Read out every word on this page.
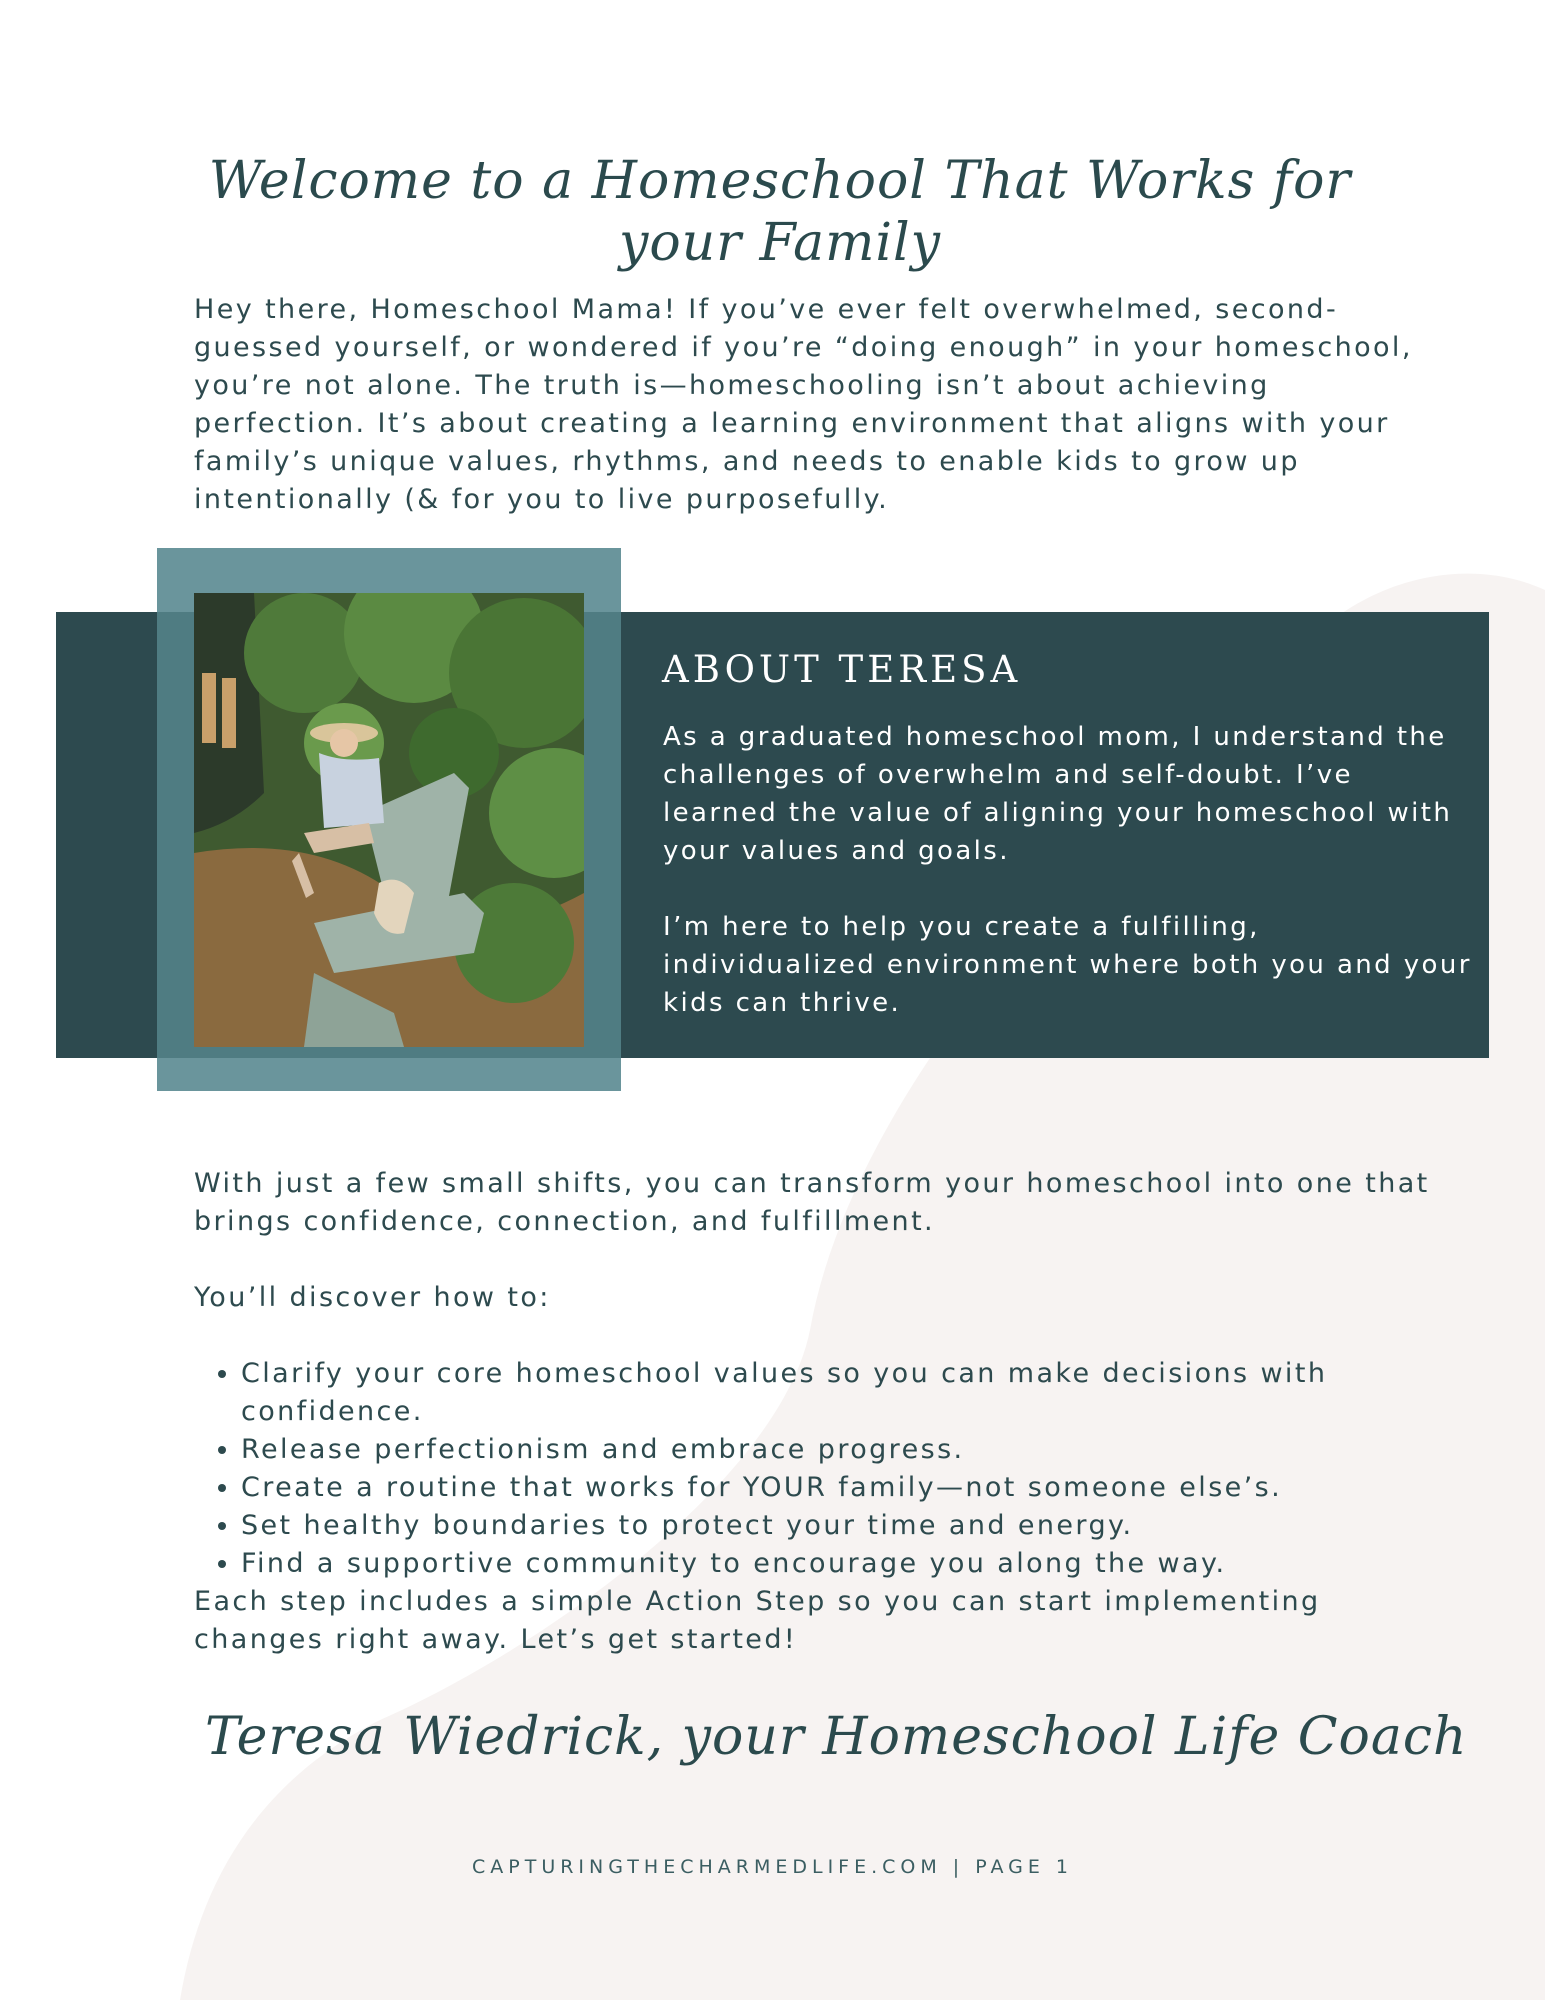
Welcome to a Homeschool That Works for your Family

Hey there, Homeschool Mama! If you’ve ever felt overwhelmed, second-guessed yourself, or wondered if you’re “doing enough” in your homeschool, you’re not alone. The truth is—homeschooling isn’t about achieving perfection. It’s about creating a learning environment that aligns with your family’s unique values, rhythms, and needs to enable kids to grow up intentionally (& for you to live purposefully.

ABOUT TERESA

As a graduated homeschool mom, I understand the challenges of overwhelm and self-doubt. I’ve learned the value of aligning your homeschool with your values and goals.

I’m here to help you create a fulfilling, individualized environment where both you and your kids can thrive.

With just a few small shifts, you can transform your homeschool into one that brings confidence, connection, and fulfillment.

You’ll discover how to:

• Clarify your core homeschool values so you can make decisions with confidence.
• Release perfectionism and embrace progress.
• Create a routine that works for YOUR family—not someone else’s.
• Set healthy boundaries to protect your time and energy.
• Find a supportive community to encourage you along the way.

Each step includes a simple Action Step so you can start implementing changes right away. Let’s get started!

Teresa Wiedrick, your Homeschool Life Coach

CAPTURINGTHECHARMEDLIFE.COM | PAGE 1
